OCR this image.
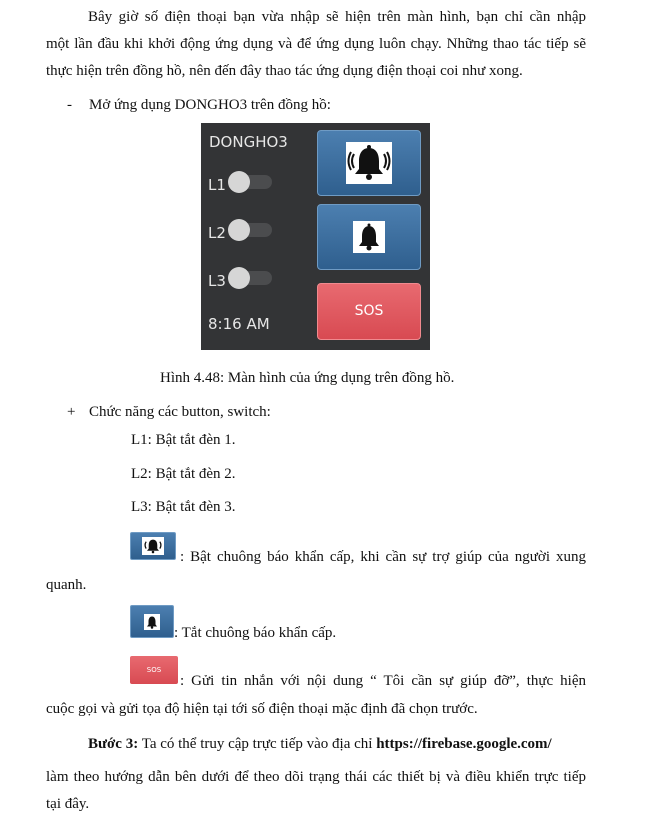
Bây giờ số điện thoại bạn vừa nhập sẽ hiện trên màn hình, bạn chỉ cần nhập
một lần đầu khi khởi động ứng dụng và để ứng dụng luôn chạy. Những thao tác tiếp sẽ
thực hiện trên đồng hồ, nên đến đây thao tác ứng dụng điện thoại coi như xong.
- Mở ứng dụng DONGHO3 trên đồng hồ:
DONGHO3
L1
L2
L3
8:16 AM
SOS
Hình 4.48: Màn hình của ứng dụng trên đồng hồ.
+ Chức năng các button, switch:
L1: Bật tắt đèn 1.
L2: Bật tắt đèn 2.
L3: Bật tắt đèn 3.
: Bật chuông báo khẩn cấp, khi cần sự trợ giúp của người xung
quanh.
: Tắt chuông báo khẩn cấp.
SOS
: Gửi tin nhắn với nội dung “ Tôi cần sự giúp đỡ”, thực hiện
cuộc gọi và gửi tọa độ hiện tại tới số điện thoại mặc định đã chọn trước.
Bước 3: Ta có thể truy cập trực tiếp vào địa chỉ https://firebase.google.com/
làm theo hướng dẫn bên dưới để theo dõi trạng thái các thiết bị và điều khiển trực tiếp
tại đây.
